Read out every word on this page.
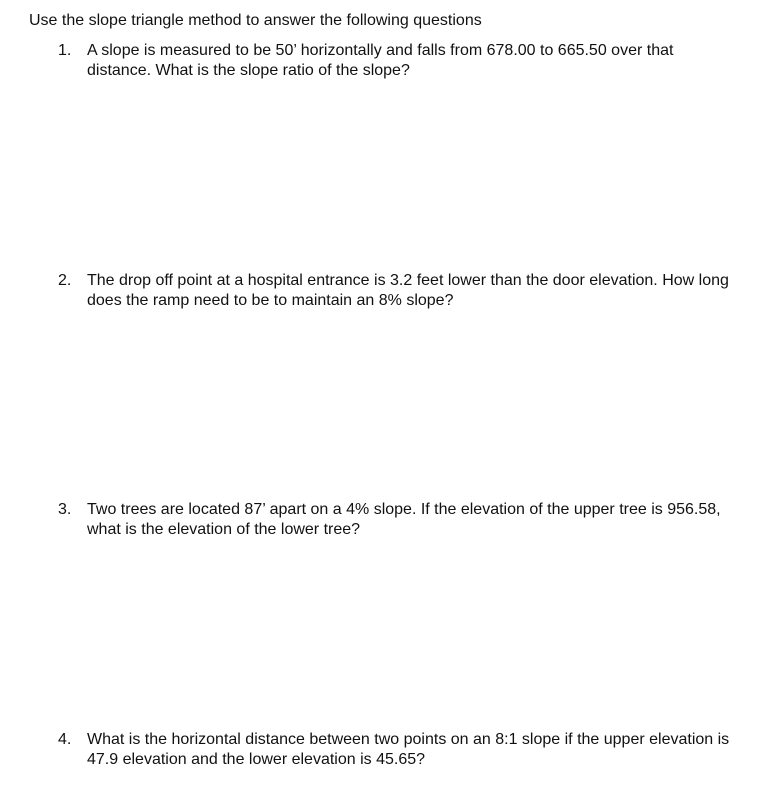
Use the slope triangle method to answer the following questions
1. A slope is measured to be 50’ horizontally and falls from 678.00 to 665.50 over that distance. What is the slope ratio of the slope?
2. The drop off point at a hospital entrance is 3.2 feet lower than the door elevation. How long does the ramp need to be to maintain an 8% slope?
3. Two trees are located 87’ apart on a 4% slope. If the elevation of the upper tree is 956.58, what is the elevation of the lower tree?
4. What is the horizontal distance between two points on an 8:1 slope if the upper elevation is 47.9 elevation and the lower elevation is 45.65?
